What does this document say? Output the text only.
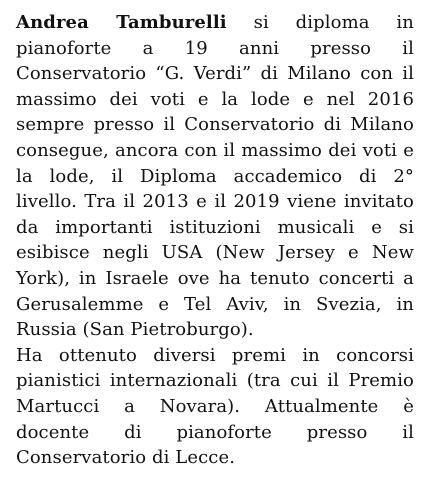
Andrea Tamburelli si diploma in pianoforte a 19 anni presso il Conservatorio “G. Verdi” di Milano con il massimo dei voti e la lode e nel 2016 sempre presso il Conservatorio di Milano consegue, ancora con il massimo dei voti e la lode, il Diploma accademico di 2° livello. Tra il 2013 e il 2019 viene invitato da importanti istituzioni musicali e si esibisce negli USA (New Jersey e New York), in Israele ove ha tenuto concerti a Gerusalemme e Tel Aviv, in Svezia, in Russia (San Pietroburgo).

Ha ottenuto diversi premi in concorsi pianistici internazionali (tra cui il Premio Martucci a Novara). Attualmente è docente di pianoforte presso il Conservatorio di Lecce.
